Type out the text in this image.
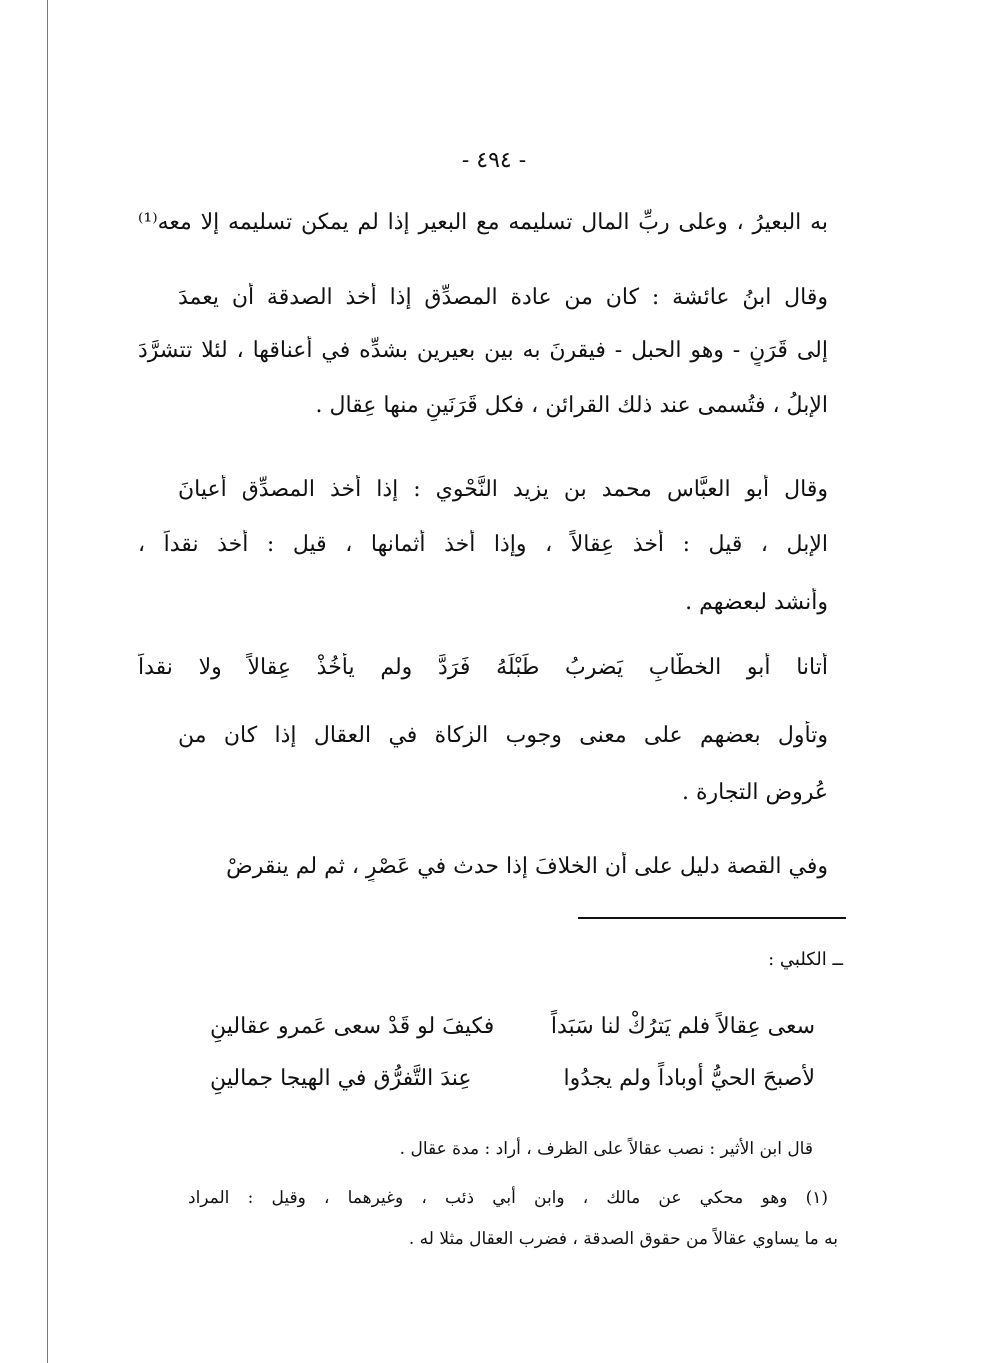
- ٤٩٤ -
به البعيرُ ، وعلى ربِّ المال تسليمه مع البعير إذا لم يمكن تسليمه إلا معه⁽¹⁾
وقال ابنُ عائشة : كان من عادة المصدِّق إذا أخذ الصدقة أن يعمدَ
إلى قَرَنٍ - وهو الحبل - فيقرنَ به بين بعيرين بشدِّه في أعناقها ، لئلا تتشرَّدَ
الإبلُ ، فتُسمى عند ذلك القرائن ، فكل قَرَنَينِ منها عِقال .
وقال أبو العبَّاس محمد بن يزيد النَّحْوي : إذا أخذ المصدِّق أعيانَ
الإبل ، قيل : أخذ عِقالاً ، وإذا أخذ أثمانها ، قيل : أخذ نقداً ،
وأنشد لبعضهم .
أتانا أبو الخطَّابِ يَضربُ طَبْلَهُ فَرَدَّ ولم يأخُذْ عِقالاً ولا نقداً
وتأول بعضهم على معنى وجوب الزكاة في العقال إذا كان من
عُروض التجارة .
وفي القصة دليل على أن الخلافَ إذا حدث في عَصْرٍ ، ثم لم ينقرضْ
ــ الكلبي :
سعى عِقالاً فلم يَترُكْ لنا سَبَداً
فكيفَ لو قَدْ سعى عَمرو عقالينِ
لأصبحَ الحيُّ أوباداً ولم يجدُوا
عِندَ التَّفرُّق في الهيجا جمالينِ
قال ابن الأثير : نصب عقالاً على الظرف ، أراد : مدة عقال .
(١) وهو محكي عن مالك ، وابن أبي ذئب ، وغيرهما ، وقيل : المراد
به ما يساوي عقالاً من حقوق الصدقة ، فضرب العقال مثلا له .
